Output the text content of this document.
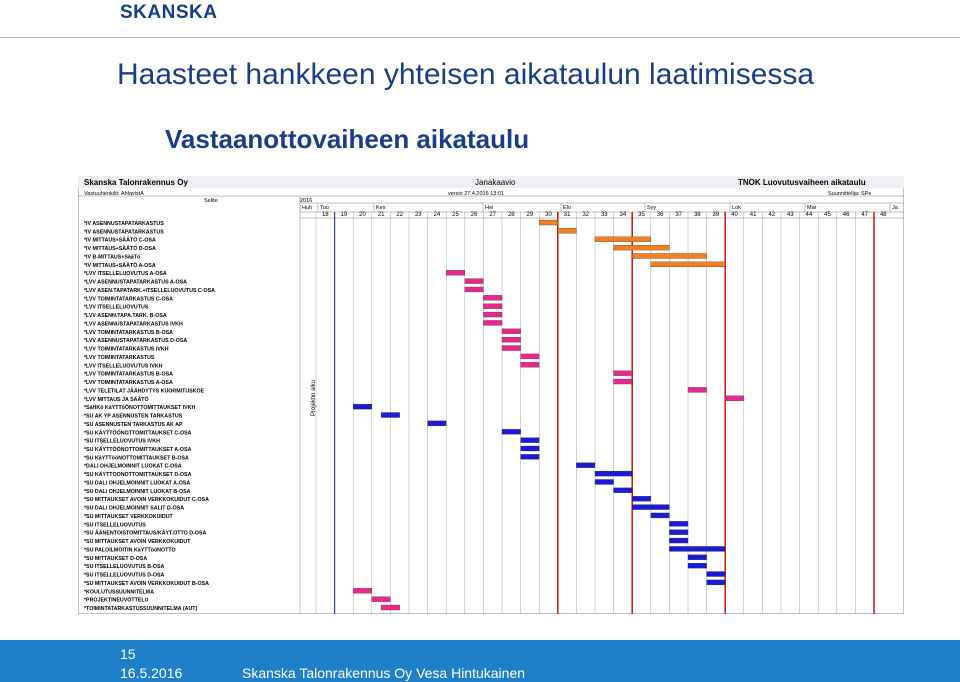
SKANSKA
Haasteet hankkeen yhteisen aikataulun laatimisessa
Vastaanottovaiheen aikataulu
Skanska Talonrakennus Oy	Janakaavio	TNOK Luovutusvaiheen aikataulu
Vastuuhenkilö: AhlqvistA	versio 27.4.2016 13:01	Suunnittelija: SPe
Selite	2016
Huh Tou	Kes	Hei	Elo	Syy	Lok	Mar	Ja
18 19 20 21 22 23 24 25 26 27 28 29 30 31 32 33 34 35 36 37 38 39 40 41 42 43 44 45 46 47 48
Projektin alku
*IV ASENNUSTAPATARKASTUS
*IV ASENNUSTAPATARKASTUS
*IV MITTAUS+SÄÄTÖ C-OSA
*IV MITTAUS+SÄÄTÖ D-OSA
*IV B-MITTAUS+SääTö
*IV MITTAUS+SÄÄTÖ A-OSA
*LVV ITSELLELUOVUTUS A-OSA
*LVV ASENNUSTAPATARKASTUS A-OSA
*LVV ASEN.TAPATARK.+ITSELLELUOVUTUS C-OSA
*LVV TOIMINTATARKASTUS C-OSA
*LVV ITSELLELUOVUTUS
*LVV ASENN.TAPA.TARK. B-OSA
*LVV ASENNUSTAPATARKASTUS IVKH
*LVV TOIMINTATARKASTUS B-OSA
*LVV ASENNUSTAPATARKASTUS D-OSA
*LVV TOIMINTATARKASTUS IVKH
*LVV TOIMINTATARKASTUS
*LVV ITSELLELUOVUTUS IVKH
*LVV TOIMINTATARKASTUS B-OSA
*LVV TOIMINTATARKASTUS A-OSA
*LVV TELETILAT JÄÄHDYTYS KUORMITUSKOE
*LVV MITTAUS JA SÄÄTÖ
*SäHKö KäYTTöÖNOTTOMITTAUKSET IVKH
*SU AK YP ASENNUSTEN TARKASTUS
*SU ASENNUSTEN TARKASTUS AK AP
*SU KÄYTTÖÖNOTTOMITTAUKSET C-OSA
*SU ITSELLELUOVUTUS IVKH
*SU KÄYTTÖÖNOTTOMITTAUKSET A-OSA
*SU KäYTTööNOTTOMITTAUKSET B-OSA
*DALI OHJELMOINNIT LUOKAT C-OSA
*SU KÄYTTOONOTTOMITTAUKSET D-OSA
*SU DALI OHJELMOINNIT LUOKAT A-OSA
*SU DALI OHJELMOINNIT LUOKAT B-OSA
*SU MITTAUKSET AVOIN VERKKOKUIDUT C-OSA
*SU DALI OHJELMOINNIT SALIT D-OSA
*SU MITTAUKSET VERKKOKUIDUT
*SU ITSELLELUOVUTUS
*SU ÄÄNENTOISTOMITTAUS/KÄYT.OTTO D-OSA
*SU MITTAUKSET AVOIN VERKKOKUIDUT
*SU PALOILMOITIN KäYTTööNOTTO
*SU MITTAUKSET D-OSA
*SU ITSELLELUOVUTUS B-OSA
*SU ITSELLELUOVUTUS D-OSA
*SU MITTAUKSET AVOIN VERKKOKUIDUT B-OSA
*KOULUTUSSUUNNITELMA
*PROJEKTINEUVOTTELU
*TOIMINTATARKASTUSSUUNNITELMA (AUT)
15
16.5.2016	Skanska Talonrakennus Oy Vesa Hintukainen
